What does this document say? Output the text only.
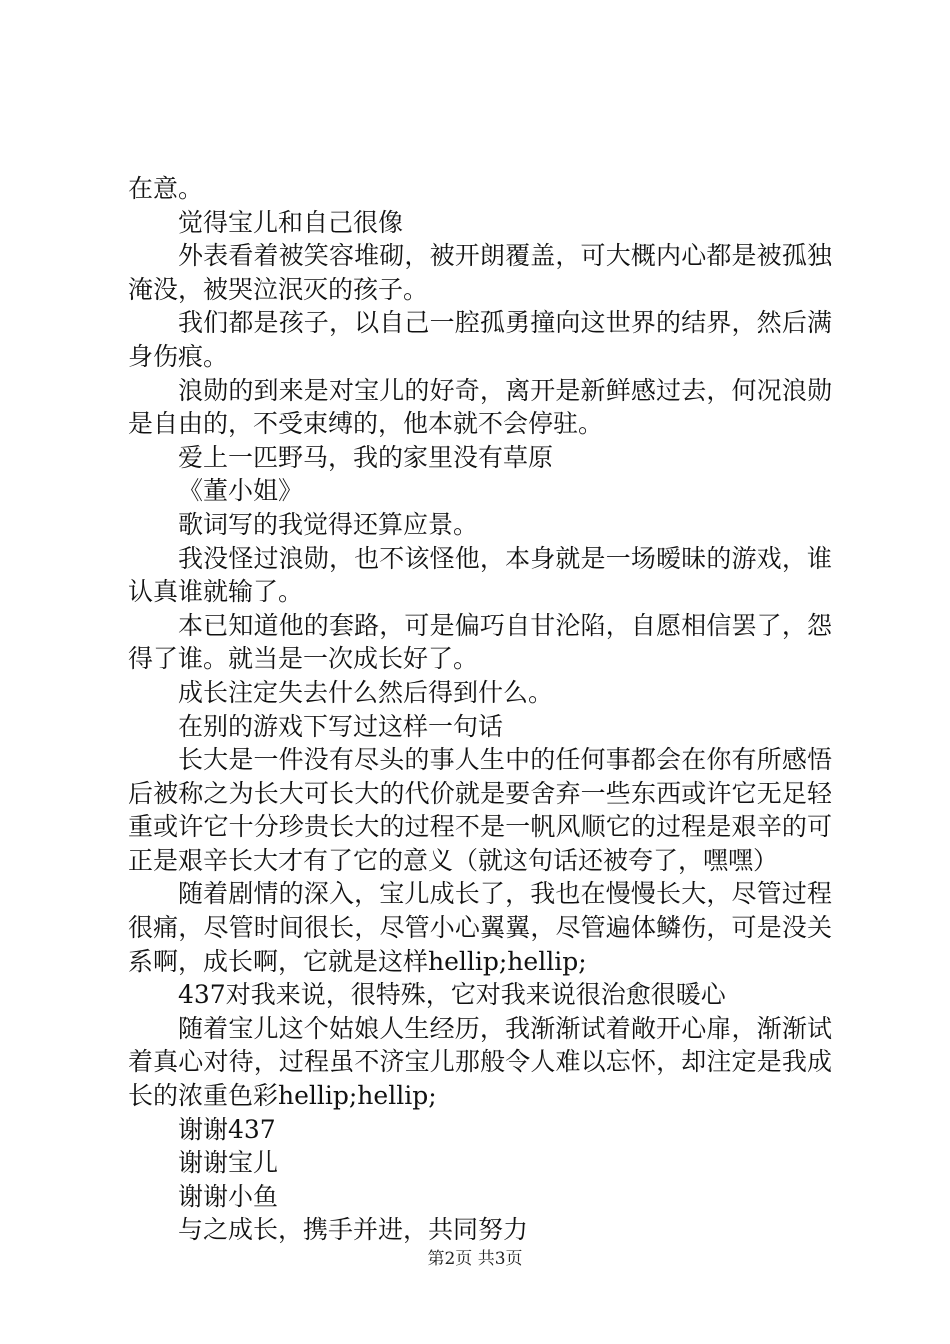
在意。

觉得宝儿和自己很像

外表看着被笑容堆砌，被开朗覆盖，可大概内心都是被孤独淹没，被哭泣泯灭的孩子。

我们都是孩子，以自己一腔孤勇撞向这世界的结界，然后满身伤痕。

浪勋的到来是对宝儿的好奇，离开是新鲜感过去，何况浪勋是自由的，不受束缚的，他本就不会停驻。

爱上一匹野马，我的家里没有草原

《董小姐》

歌词写的我觉得还算应景。

我没怪过浪勋，也不该怪他，本身就是一场暧昧的游戏，谁认真谁就输了。

本已知道他的套路，可是偏巧自甘沦陷，自愿相信罢了，怨得了谁。就当是一次成长好了。

成长注定失去什么然后得到什么。

在别的游戏下写过这样一句话

长大是一件没有尽头的事人生中的任何事都会在你有所感悟后被称之为长大可长大的代价就是要舍弃一些东西或许它无足轻重或许它十分珍贵长大的过程不是一帆风顺它的过程是艰辛的可正是艰辛长大才有了它的意义（就这句话还被夸了，嘿嘿）

随着剧情的深入，宝儿成长了，我也在慢慢长大，尽管过程很痛，尽管时间很长，尽管小心翼翼，尽管遍体鳞伤，可是没关系啊，成长啊，它就是这样hellip;hellip;

437对我来说，很特殊，它对我来说很治愈很暖心

随着宝儿这个姑娘人生经历，我渐渐试着敞开心扉，渐渐试着真心对待，过程虽不济宝儿那般令人难以忘怀，却注定是我成长的浓重色彩hellip;hellip;

谢谢437

谢谢宝儿

谢谢小鱼

与之成长，携手并进，共同努力

第2页 共3页
